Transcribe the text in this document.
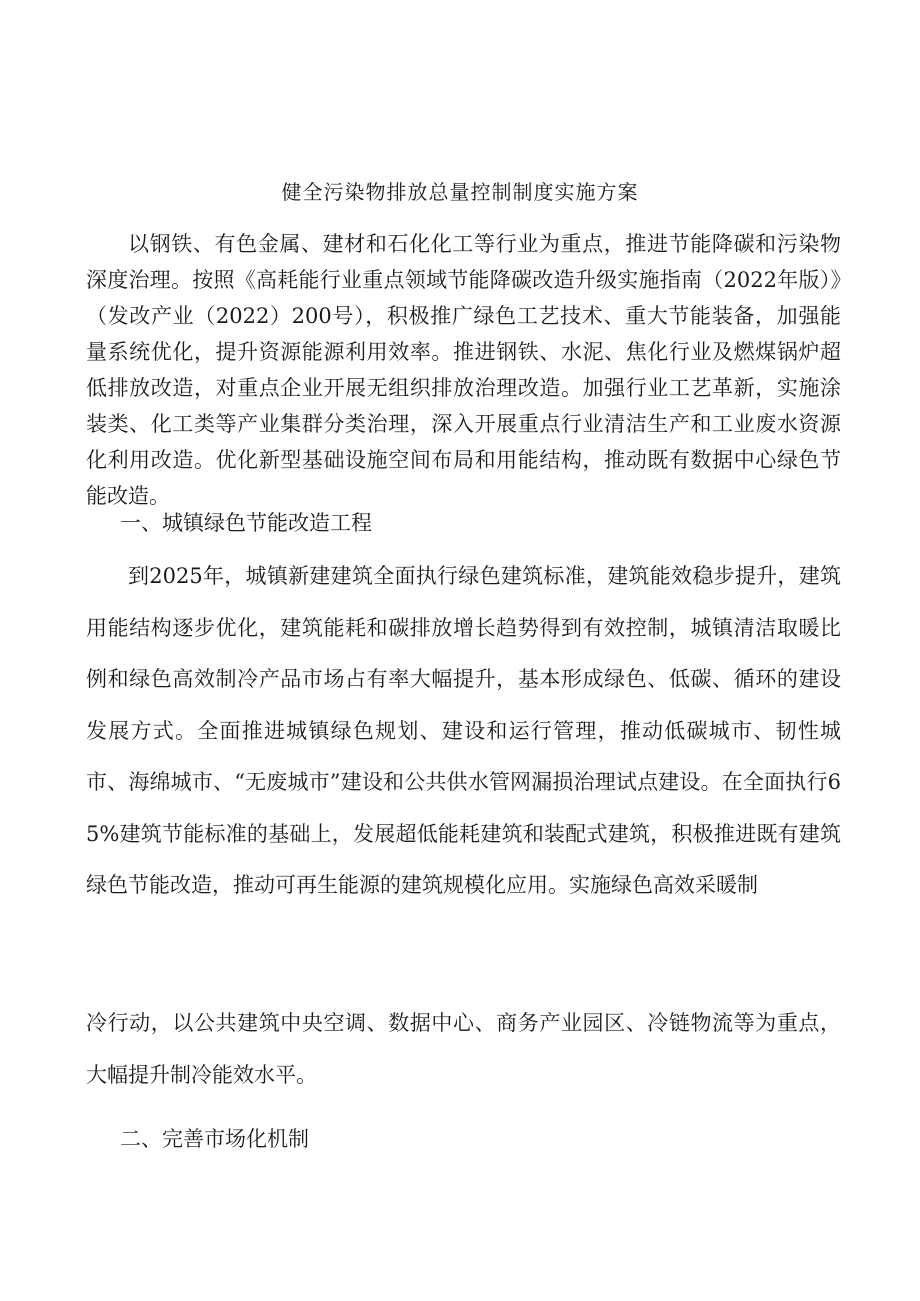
健全污染物排放总量控制制度实施方案

以钢铁、有色金属、建材和石化化工等行业为重点，推进节能降碳和污染物深度治理。按照《高耗能行业重点领域节能降碳改造升级实施指南（2022年版）》（发改产业（2022）200号），积极推广绿色工艺技术、重大节能装备，加强能量系统优化，提升资源能源利用效率。推进钢铁、水泥、焦化行业及燃煤锅炉超低排放改造，对重点企业开展无组织排放治理改造。加强行业工艺革新，实施涂装类、化工类等产业集群分类治理，深入开展重点行业清洁生产和工业废水资源化利用改造。优化新型基础设施空间布局和用能结构，推动既有数据中心绿色节能改造。

一、城镇绿色节能改造工程

到2025年，城镇新建建筑全面执行绿色建筑标准，建筑能效稳步提升，建筑用能结构逐步优化，建筑能耗和碳排放增长趋势得到有效控制，城镇清洁取暖比例和绿色高效制冷产品市场占有率大幅提升，基本形成绿色、低碳、循环的建设发展方式。全面推进城镇绿色规划、建设和运行管理，推动低碳城市、韧性城市、海绵城市、“无废城市”建设和公共供水管网漏损治理试点建设。在全面执行65%建筑节能标准的基础上，发展超低能耗建筑和装配式建筑，积极推进既有建筑绿色节能改造，推动可再生能源的建筑规模化应用。实施绿色高效采暖制

冷行动，以公共建筑中央空调、数据中心、商务产业园区、冷链物流等为重点，大幅提升制冷能效水平。

二、完善市场化机制
